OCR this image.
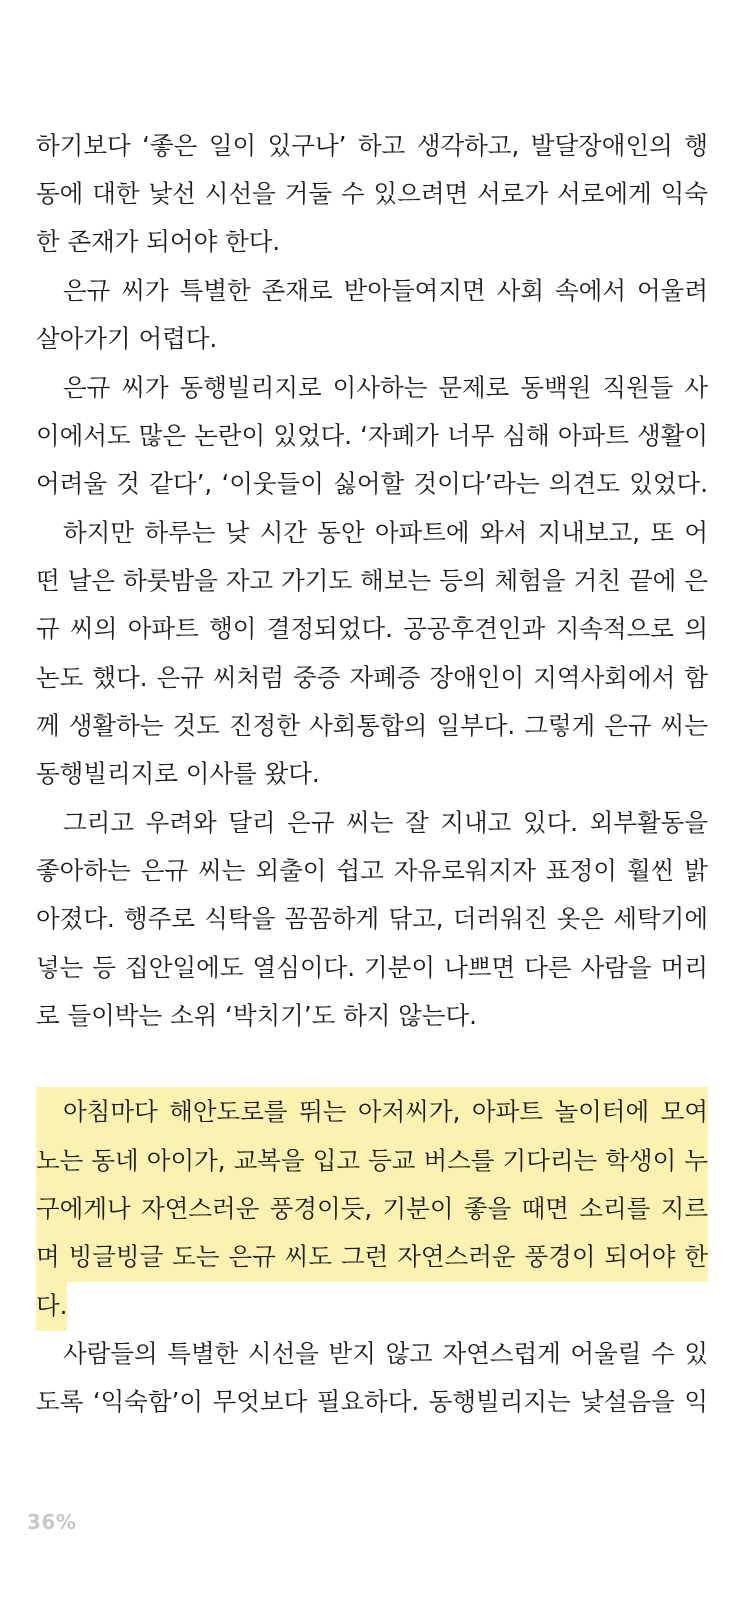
하기보다 ‘좋은 일이 있구나’ 하고 생각하고, 발달장애인의 행
동에 대한 낯선 시선을 거둘 수 있으려면 서로가 서로에게 익숙
한 존재가 되어야 한다.
은규 씨가 특별한 존재로 받아들여지면 사회 속에서 어울려
살아가기 어렵다.
은규 씨가 동행빌리지로 이사하는 문제로 동백원 직원들 사
이에서도 많은 논란이 있었다. ‘자폐가 너무 심해 아파트 생활이
어려울 것 같다’, ‘이웃들이 싫어할 것이다’라는 의견도 있었다.
하지만 하루는 낮 시간 동안 아파트에 와서 지내보고, 또 어
떤 날은 하룻밤을 자고 가기도 해보는 등의 체험을 거친 끝에 은
규 씨의 아파트 행이 결정되었다. 공공후견인과 지속적으로 의
논도 했다. 은규 씨처럼 중증 자폐증 장애인이 지역사회에서 함
께 생활하는 것도 진정한 사회통합의 일부다. 그렇게 은규 씨는
동행빌리지로 이사를 왔다.
그리고 우려와 달리 은규 씨는 잘 지내고 있다. 외부활동을
좋아하는 은규 씨는 외출이 쉽고 자유로워지자 표정이 훨씬 밝
아졌다. 행주로 식탁을 꼼꼼하게 닦고, 더러워진 옷은 세탁기에
넣는 등 집안일에도 열심이다. 기분이 나쁘면 다른 사람을 머리
로 들이박는 소위 ‘박치기’도 하지 않는다.
아침마다 해안도로를 뛰는 아저씨가, 아파트 놀이터에 모여
노는 동네 아이가, 교복을 입고 등교 버스를 기다리는 학생이 누
구에게나 자연스러운 풍경이듯, 기분이 좋을 때면 소리를 지르
며 빙글빙글 도는 은규 씨도 그런 자연스러운 풍경이 되어야 한
다.
사람들의 특별한 시선을 받지 않고 자연스럽게 어울릴 수 있
도록 ‘익숙함’이 무엇보다 필요하다. 동행빌리지는 낯설음을 익
36%
